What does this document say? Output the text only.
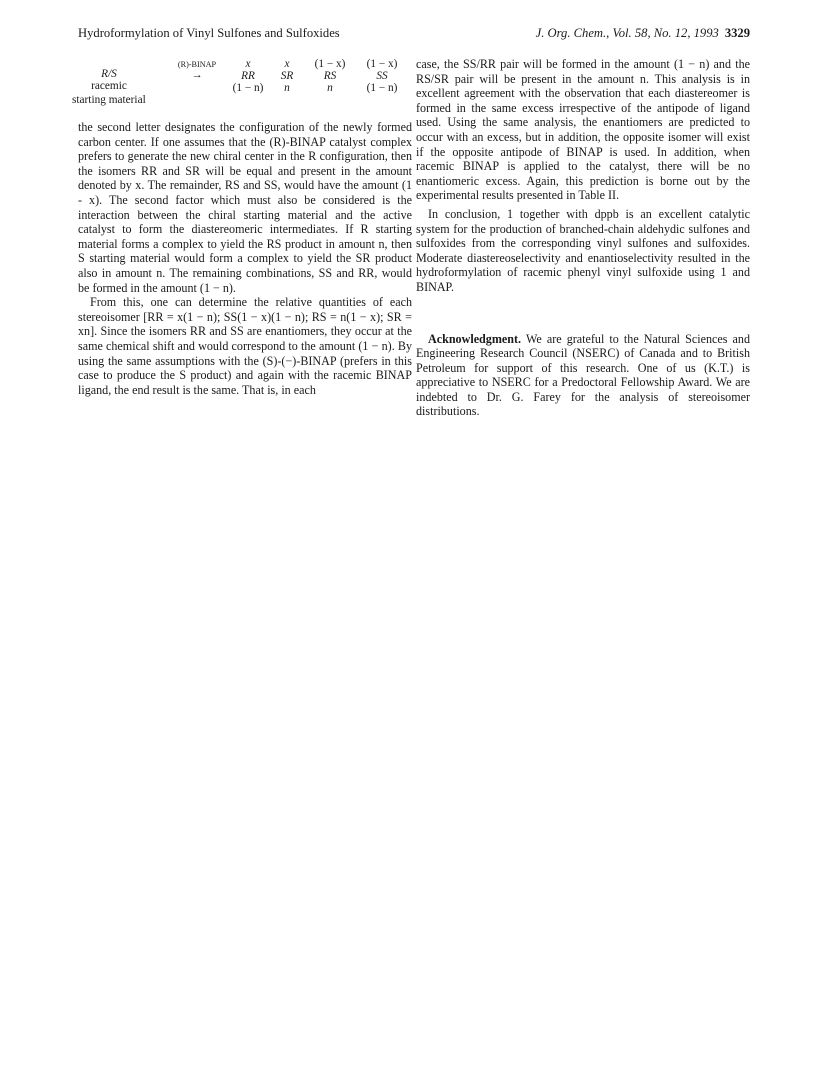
Hydroformylation of Vinyl Sulfones and Sulfoxides	J. Org. Chem., Vol. 58, No. 12, 1993 3329
R/S
racemic
starting material
(R)-BINAP
→
x	x	(1 − x)	(1 − x)
RR	SR	RS	SS
(1 − n)	n	n	(1 − n)

the second letter designates the configuration of the newly formed carbon center. If one assumes that the (R)-BINAP catalyst complex prefers to generate the new chiral center in the R configuration, then the isomers RR and SR will be equal and present in the amount denoted by x. The remainder, RS and SS, would have the amount (1 - x). The second factor which must also be considered is the interaction between the chiral starting material and the active catalyst to form the diastereomeric intermediates. If R starting material forms a complex to yield the RS product in amount n, then S starting material would form a complex to yield the SR product also in amount n. The remaining combinations, SS and RR, would be formed in the amount (1 − n).

From this, one can determine the relative quantities of each stereoisomer [RR = x(1 − n); SS(1 − x)(1 − n); RS = n(1 − x); SR = xn]. Since the isomers RR and SS are enantiomers, they occur at the same chemical shift and would correspond to the amount (1 − n). By using the same assumptions with the (S)-(−)-BINAP (prefers in this case to produce the S product) and again with the racemic BINAP ligand, the end result is the same. That is, in each

case, the SS/RR pair will be formed in the amount (1 − n) and the RS/SR pair will be present in the amount n. This analysis is in excellent agreement with the observation that each diastereomer is formed in the same excess irrespective of the antipode of ligand used. Using the same analysis, the enantiomers are predicted to occur with an excess, but in addition, the opposite isomer will exist if the opposite antipode of BINAP is used. In addition, when racemic BINAP is applied to the catalyst, there will be no enantiomeric excess. Again, this prediction is borne out by the experimental results presented in Table II.

In conclusion, 1 together with dppb is an excellent catalytic system for the production of branched-chain aldehydic sulfones and sulfoxides from the corresponding vinyl sulfones and sulfoxides. Moderate diastereoselectivity and enantioselectivity resulted in the hydroformylation of racemic phenyl vinyl sulfoxide using 1 and BINAP.

Acknowledgment. We are grateful to the Natural Sciences and Engineering Research Council (NSERC) of Canada and to British Petroleum for support of this research. One of us (K.T.) is appreciative to NSERC for a Predoctoral Fellowship Award. We are indebted to Dr. G. Farey for the analysis of stereoisomer distributions.
